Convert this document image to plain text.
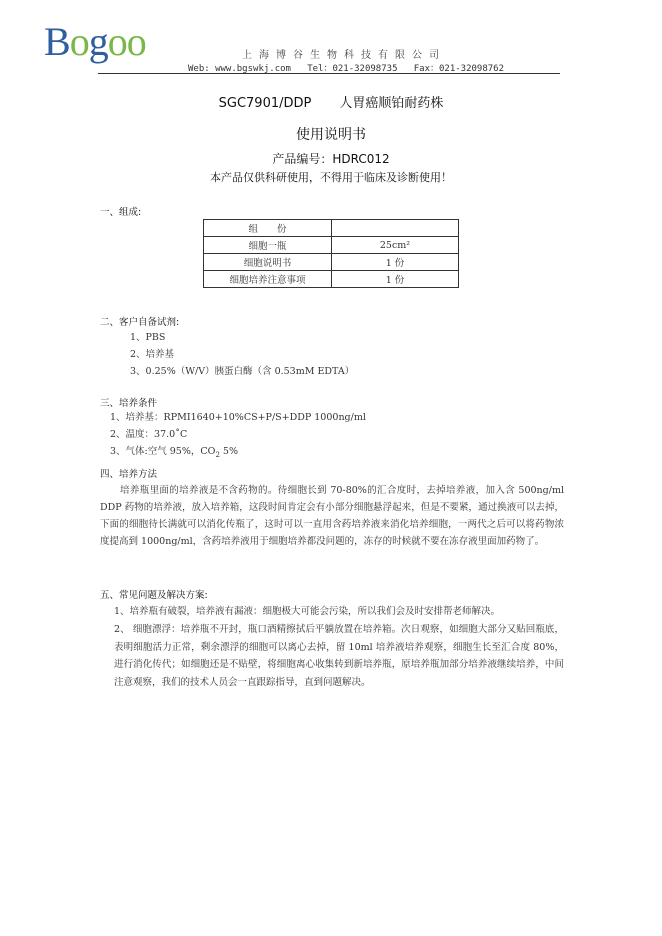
Bogoo	上海博谷生物科技有限公司
Web: www.bgswkj.com   Tel：021-32098735   Fax：021-32098762
SGC7901/DDP 人胃癌顺铂耐药株
使用说明书
产品编号：HDRC012
本产品仅供科研使用，不得用于临床及诊断使用！
一、组成:
组　　份	
细胞一瓶	25cm²
细胞说明书	1 份
细胞培养注意事项	1 份
二、客户自备试剂:
1、PBS
2、培养基
3、0.25%（W/V）胰蛋白酶（含 0.53mM EDTA）
三、培养条件
1、培养基：RPMI1640+10%CS+P/S+DDP 1000ng/ml
2、温度：37.0˚C
3、气体:空气 95%，$CO_2$ 5%
四、培养方法
培养瓶里面的培养液是不含药物的。待细胞长到 70-80%的汇合度时，去掉培养液，加入含 500ng/ml DDP 药物的培养液，放入培养箱，这段时间肯定会有小部分细胞悬浮起来，但是不要紧，通过换液可以去掉，下面的细胞待长满就可以消化传瓶了，这时可以一直用含药培养液来消化培养细胞，一两代之后可以将药物浓度提高到 1000ng/ml，含药培养液用于细胞培养都没问题的，冻存的时候就不要在冻存液里面加药物了。
五、常见问题及解决方案:
1、培养瓶有破裂，培养液有漏液：细胞极大可能会污染，所以我们会及时安排帮老师解决。
2、 细胞漂浮：培养瓶不开封，瓶口酒精擦拭后平躺放置在培养箱。次日观察，如细胞大部分又贴回瓶底，表明细胞活力正常，剩余漂浮的细胞可以离心去掉，留 10ml 培养液培养观察，细胞生长至汇合度 80%，进行消化传代；如细胞还是不贴壁，将细胞离心收集转到新培养瓶，原培养瓶加部分培养液继续培养，中间注意观察，我们的技术人员会一直跟踪指导，直到问题解决。
